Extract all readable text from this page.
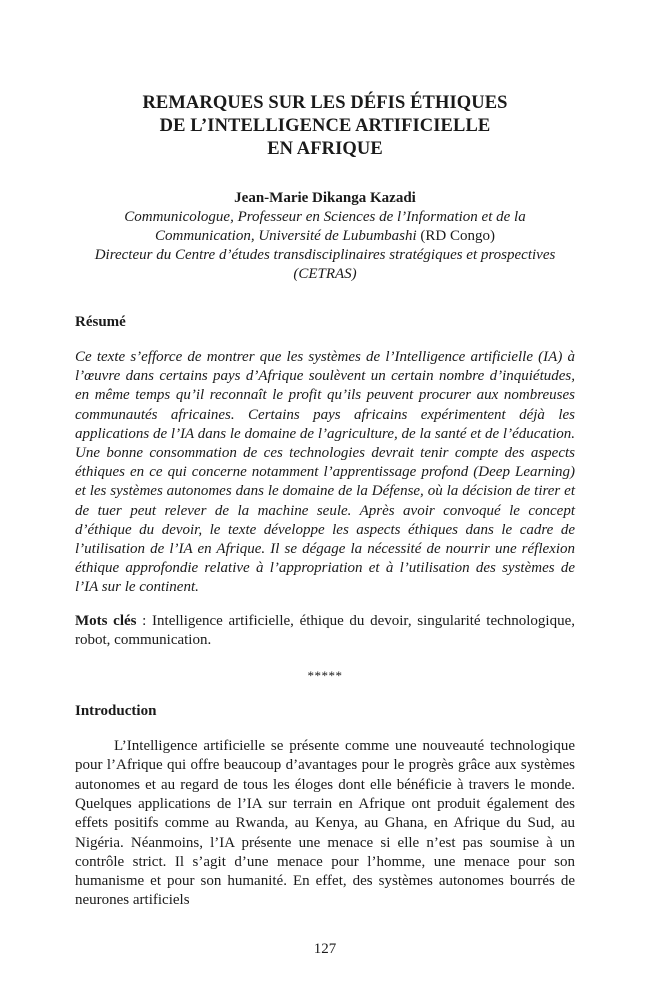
REMARQUES SUR LES DÉFIS ÉTHIQUES
DE L’INTELLIGENCE ARTIFICIELLE
EN AFRIQUE
Jean-Marie Dikanga Kazadi
Communicologue, Professeur en Sciences de l’Information et de la
Communication, Université de Lubumbashi (RD Congo)
Directeur du Centre d’études transdisciplinaires stratégiques et prospectives
(CETRAS)
Résumé

Ce texte s’efforce de montrer que les systèmes de l’Intelligence artificielle (IA) à l’œuvre dans certains pays d’Afrique soulèvent un certain nombre d’inquiétudes, en même temps qu’il reconnaît le profit qu’ils peuvent procurer aux nombreuses communautés africaines. Certains pays africains expérimentent déjà les applications de l’IA dans le domaine de l’agriculture, de la santé et de l’éducation. Une bonne consommation de ces technologies devrait tenir compte des aspects éthiques en ce qui concerne notamment l’apprentissage profond (Deep Learning) et les systèmes autonomes dans le domaine de la Défense, où la décision de tirer et de tuer peut relever de la machine seule. Après avoir convoqué le concept d’éthique du devoir, le texte développe les aspects éthiques dans le cadre de l’utilisation de l’IA en Afrique. Il se dégage la nécessité de nourrir une réflexion éthique approfondie relative à l’appropriation et à l’utilisation des systèmes de l’IA sur le continent.

Mots clés : Intelligence artificielle, éthique du devoir, singularité technologique, robot, communication.

*****
Introduction

L’Intelligence artificielle se présente comme une nouveauté technologique pour l’Afrique qui offre beaucoup d’avantages pour le progrès grâce aux systèmes autonomes et au regard de tous les éloges dont elle bénéficie à travers le monde. Quelques applications de l’IA sur terrain en Afrique ont produit également des effets positifs comme au Rwanda, au Kenya, au Ghana, en Afrique du Sud, au Nigéria. Néanmoins, l’IA présente une menace si elle n’est pas soumise à un contrôle strict. Il s’agit d’une menace pour l’homme, une menace pour son humanisme et pour son humanité. En effet, des systèmes autonomes bourrés de neurones artificiels

127
